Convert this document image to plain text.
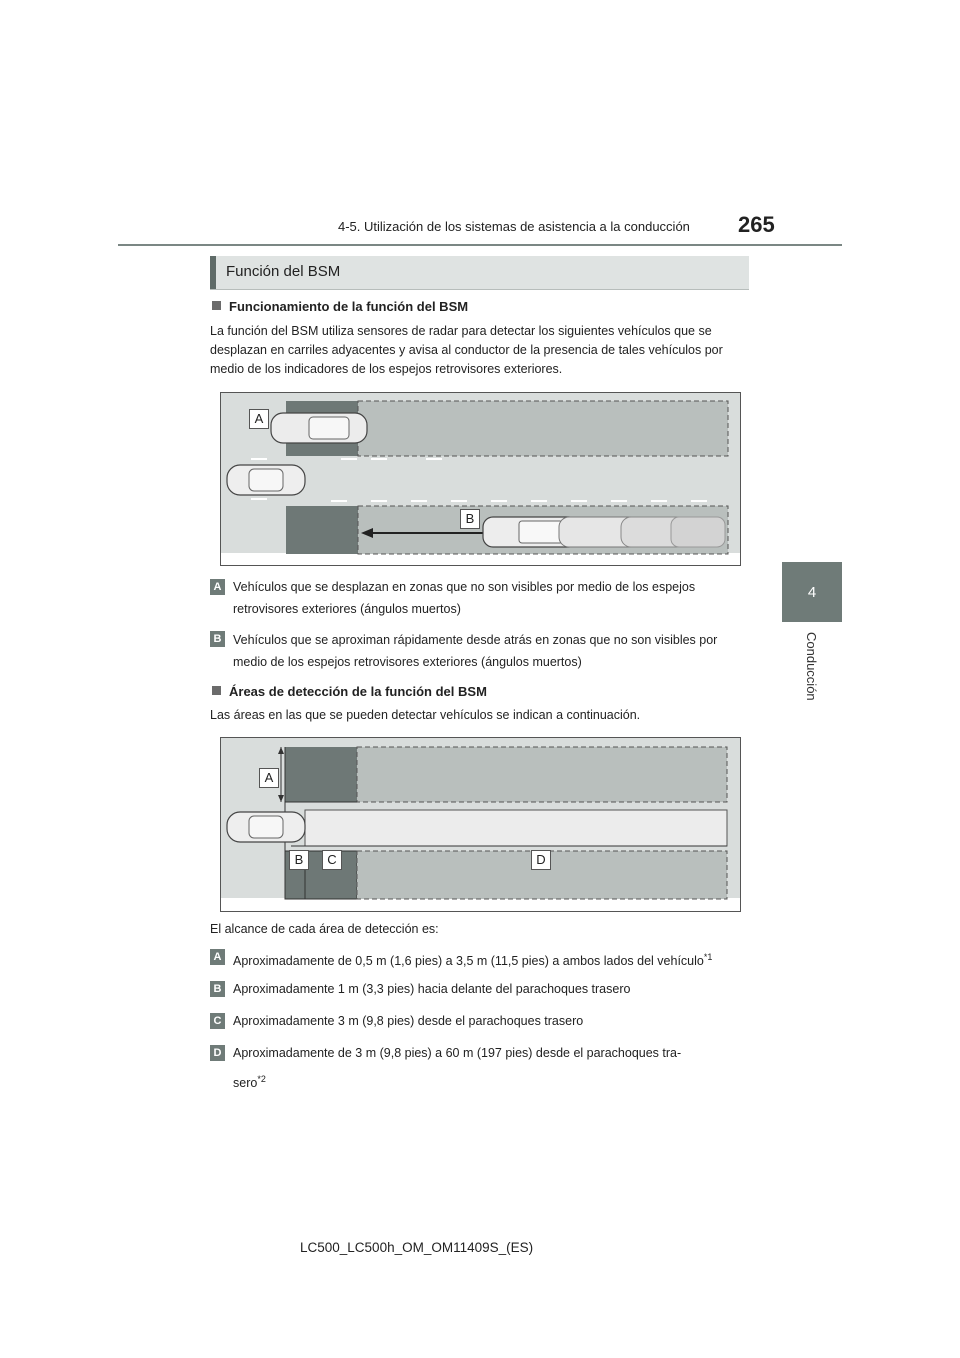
4-5. Utilización de los sistemas de asistencia a la conducción 265
4
Conducción
Función del BSM
Funcionamiento de la función del BSM
La función del BSM utiliza sensores de radar para detectar los siguientes vehículos que se desplazan en carriles adyacentes y avisa al conductor de la presencia de tales vehículos por medio de los indicadores de los espejos retrovisores exteriores.
A
B
A Vehículos que se desplazan en zonas que no son visibles por medio de los espejos retrovisores exteriores (ángulos muertos)
B Vehículos que se aproximan rápidamente desde atrás en zonas que no son visibles por medio de los espejos retrovisores exteriores (ángulos muertos)
Áreas de detección de la función del BSM
Las áreas en las que se pueden detectar vehículos se indican a continuación.
A
B	C	D
El alcance de cada área de detección es:
A Aproximadamente de 0,5 m (1,6 pies) a 3,5 m (11,5 pies) a ambos lados del vehículo$^{*1}$
B Aproximadamente 1 m (3,3 pies) hacia delante del parachoques trasero
C Aproximadamente 3 m (9,8 pies) desde el parachoques trasero
D Aproximadamente de 3 m (9,8 pies) a 60 m (197 pies) desde el parachoques tra-
sero$^{*2}$
LC500_LC500h_OM_OM11409S_(ES)
